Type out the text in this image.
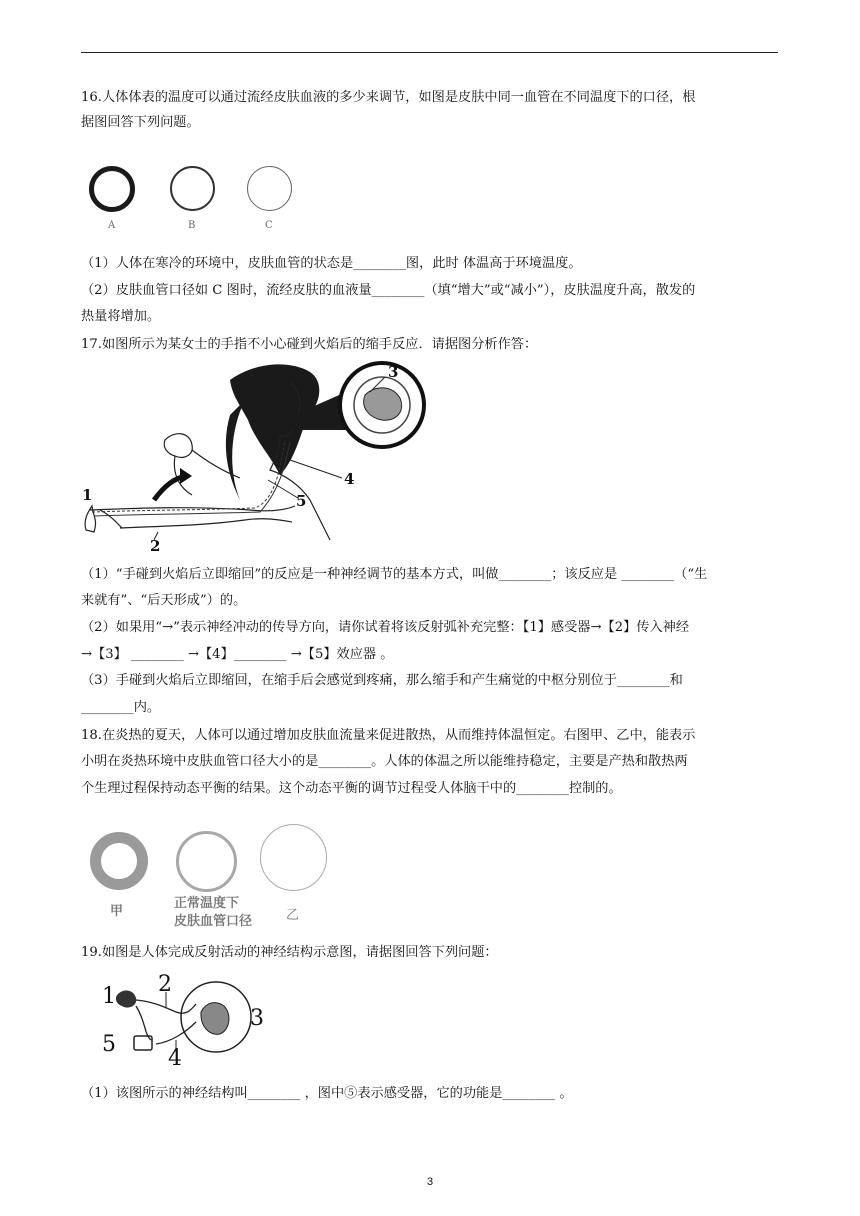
16.人体体表的温度可以通过流经皮肤血液的多少来调节，如图是皮肤中同一血管在不同温度下的口径，根
据图回答下列问题。
A	B	C
（1）人体在寒冷的环境中，皮肤血管的状态是________图，此时 体温高于环境温度。
（2）皮肤血管口径如 C 图时，流经皮肤的血液量________（填“增大”或“减小”），皮肤温度升高，散发的
热量将增加。
17.如图所示为某女士的手指不小心碰到火焰后的缩手反应．请据图分析作答：
1
2
3
4
5
（1）“手碰到火焰后立即缩回”的反应是一种神经调节的基本方式，叫做________；该反应是 ________（“生
来就有”、“后天形成”）的。
（2）如果用“→”表示神经冲动的传导方向，请你试着将该反射弧补充完整：【1】感受器→【2】传入神经
→【3】 ________ →【4】________ →【5】效应器 。
（3）手碰到火焰后立即缩回，在缩手后会感觉到疼痛，那么缩手和产生痛觉的中枢分别位于________和
________内。
18.在炎热的夏天，人体可以通过增加皮肤血流量来促进散热，从而维持体温恒定。右图甲、乙中，能表示
小明在炎热环境中皮肤血管口径大小的是________。人体的体温之所以能维持稳定，主要是产热和散热两
个生理过程保持动态平衡的结果。这个动态平衡的调节过程受人体脑干中的________控制的。
甲
正常温度下
皮肤血管口径	乙
19.如图是人体完成反射活动的神经结构示意图，请据图回答下列问题：
1 2
3
4
5
（1）该图所示的神经结构叫________ ，图中⑤表示感受器，它的功能是________ 。
3
